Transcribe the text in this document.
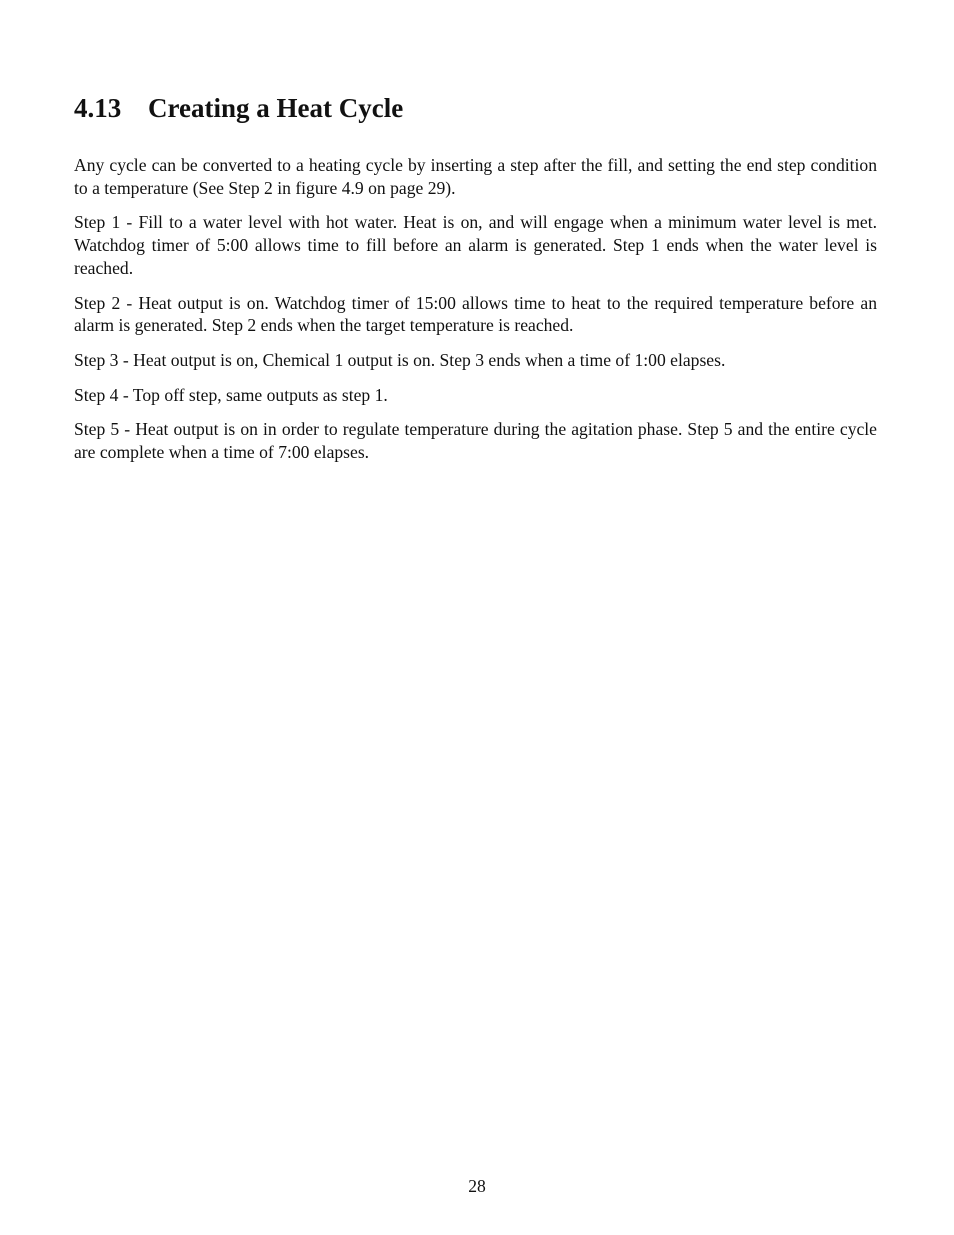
4.13 Creating a Heat Cycle

Any cycle can be converted to a heating cycle by inserting a step after the fill, and setting the end step condition to a temperature (See Step 2 in figure 4.9 on page 29).

Step 1 - Fill to a water level with hot water. Heat is on, and will engage when a minimum water level is met. Watchdog timer of 5:00 allows time to fill before an alarm is generated. Step 1 ends when the water level is reached.

Step 2 - Heat output is on. Watchdog timer of 15:00 allows time to heat to the required temperature before an alarm is generated. Step 2 ends when the target temperature is reached.

Step 3 - Heat output is on, Chemical 1 output is on. Step 3 ends when a time of 1:00 elapses.

Step 4 - Top off step, same outputs as step 1.

Step 5 - Heat output is on in order to regulate temperature during the agitation phase. Step 5 and the entire cycle are complete when a time of 7:00 elapses.

28
